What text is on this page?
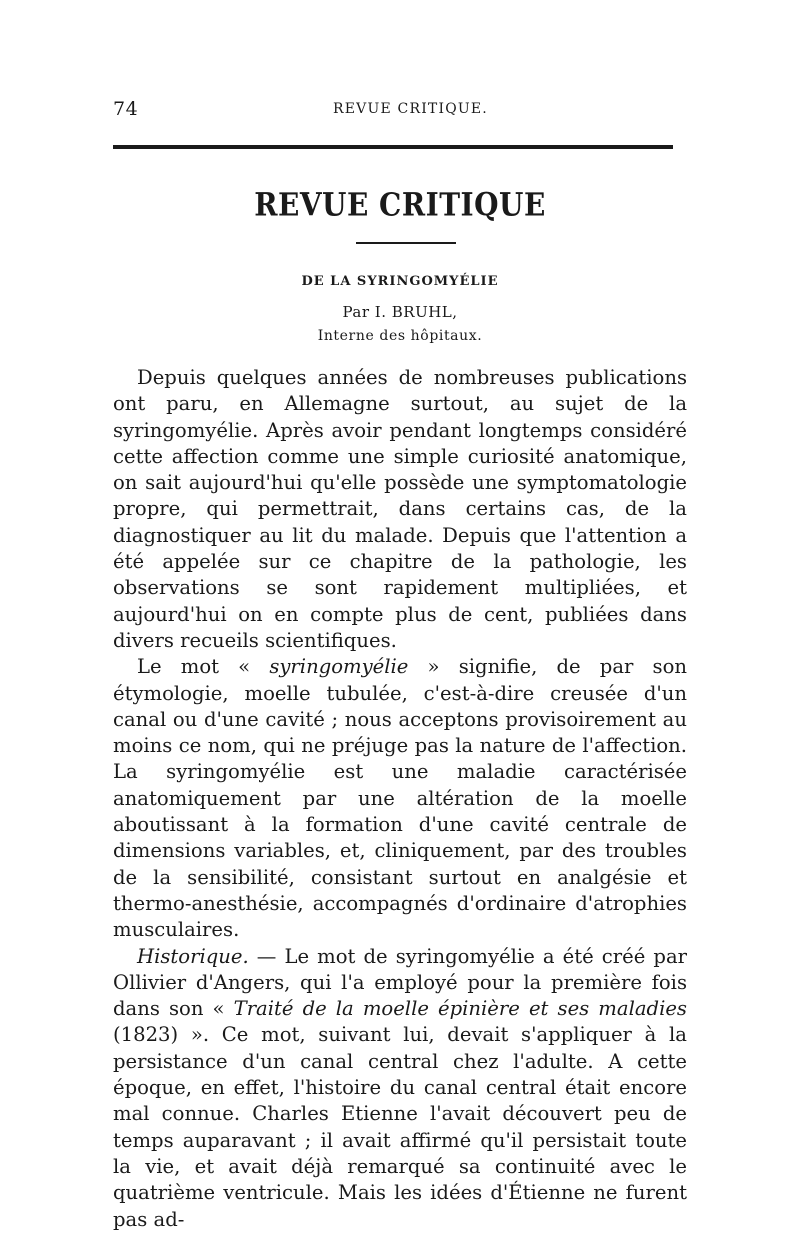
74	REVUE CRITIQUE.
REVUE CRITIQUE
DE LA SYRINGOMYÉLIE
Par I. BRUHL,
Interne des hôpitaux.

Depuis quelques années de nombreuses publications ont paru, en Allemagne surtout, au sujet de la syringomyélie. Après avoir pendant longtemps considéré cette affection comme une simple curiosité anatomique, on sait aujourd'hui qu'elle possède une symptomatologie propre, qui permettrait, dans certains cas, de la diagnostiquer au lit du malade. Depuis que l'attention a été appelée sur ce chapitre de la pathologie, les observations se sont rapidement multipliées, et aujourd'hui on en compte plus de cent, publiées dans divers recueils scientifiques.

Le mot « syringomyélie » signifie, de par son étymologie, moelle tubulée, c'est-à-dire creusée d'un canal ou d'une cavité ; nous acceptons provisoirement au moins ce nom, qui ne préjuge pas la nature de l'affection. La syringomyélie est une maladie caractérisée anatomiquement par une altération de la moelle aboutissant à la formation d'une cavité centrale de dimensions variables, et, cliniquement, par des troubles de la sensibilité, consistant surtout en analgésie et thermo-anesthésie, accompagnés d'ordinaire d'atrophies musculaires.

Historique. — Le mot de syringomyélie a été créé par Ollivier d'Angers, qui l'a employé pour la première fois dans son « Traité de la moelle épinière et ses maladies (1823) ». Ce mot, suivant lui, devait s'appliquer à la persistance d'un canal central chez l'adulte. A cette époque, en effet, l'histoire du canal central était encore mal connue. Charles Etienne l'avait découvert peu de temps auparavant ; il avait affirmé qu'il persistait toute la vie, et avait déjà remarqué sa continuité avec le quatrième ventricule. Mais les idées d'Étienne ne furent pas ad-
